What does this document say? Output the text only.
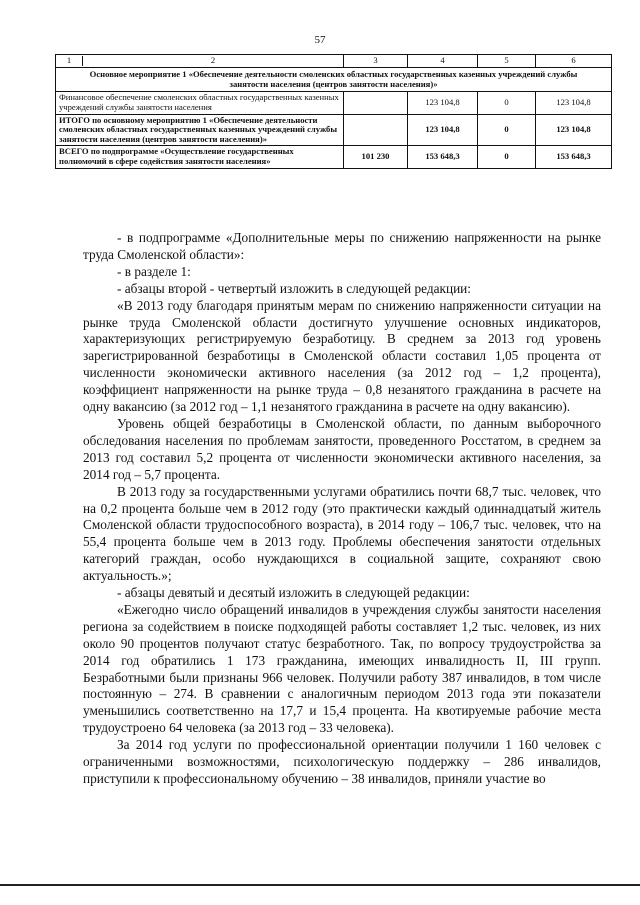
57
1 2	3	4	5	6
Основное мероприятие 1 «Обеспечение деятельности смоленских областных государственных казенных учреждений службы занятости населения (центров занятости населения)»				
Финансовое обеспечение смоленских областных государственных казенных учреждений службы занятости населения		123 104,8	0	123 104,8
ИТОГО по основному мероприятию 1 «Обеспечение деятельности смоленских областных государственных казенных учреждений службы занятости населения (центров занятости населения)»		123 104,8	0	123 104,8
ВСЕГО по подпрограмме «Осуществление государственных полномочий в сфере содействия занятости населения»	101 230	153 648,3	0	153 648,3

- в подпрограмме «Дополнительные меры по снижению напряженности на рынке труда Смоленской области»:

- в разделе 1:

- абзацы второй - четвертый изложить в следующей редакции:

«В 2013 году благодаря принятым мерам по снижению напряженности ситуации на рынке труда Смоленской области достигнуто улучшение основных индикаторов, характеризующих регистрируемую безработицу. В среднем за 2013 год уровень зарегистрированной безработицы в Смоленской области составил 1,05 процента от численности экономически активного населения (за 2012 год – 1,2 процента), коэффициент напряженности на рынке труда – 0,8 незанятого гражданина в расчете на одну вакансию (за 2012 год – 1,1 незанятого гражданина в расчете на одну вакансию).

Уровень общей безработицы в Смоленской области, по данным выборочного обследования населения по проблемам занятости, проведенного Росстатом, в среднем за 2013 год составил 5,2 процента от численности экономически активного населения, за 2014 год – 5,7 процента.

В 2013 году за государственными услугами обратились почти 68,7 тыс. человек, что на 0,2 процента больше чем в 2012 году (это практически каждый одиннадцатый житель Смоленской области трудоспособного возраста), в 2014 году – 106,7 тыс. человек, что на 55,4 процента больше чем в 2013 году. Проблемы обеспечения занятости отдельных категорий граждан, особо нуждающихся в социальной защите, сохраняют свою актуальность.»;

- абзацы девятый и десятый изложить в следующей редакции:

«Ежегодно число обращений инвалидов в учреждения службы занятости населения региона за содействием в поиске подходящей работы составляет 1,2 тыс. человек, из них около 90 процентов получают статус безработного. Так, по вопросу трудоустройства за 2014 год обратились 1 173 гражданина, имеющих инвалидность II, III групп. Безработными были признаны 966 человек. Получили работу 387 инвалидов, в том числе постоянную – 274. В сравнении с аналогичным периодом 2013 года эти показатели уменьшились соответственно на 17,7 и 15,4 процента. На квотируемые рабочие места трудоустроено 64 человека (за 2013 год – 33 человека).

За 2014 год услуги по профессиональной ориентации получили 1 160 человек с ограниченными возможностями, психологическую поддержку – 286 инвалидов, приступили к профессиональному обучению – 38 инвалидов, приняли участие во
